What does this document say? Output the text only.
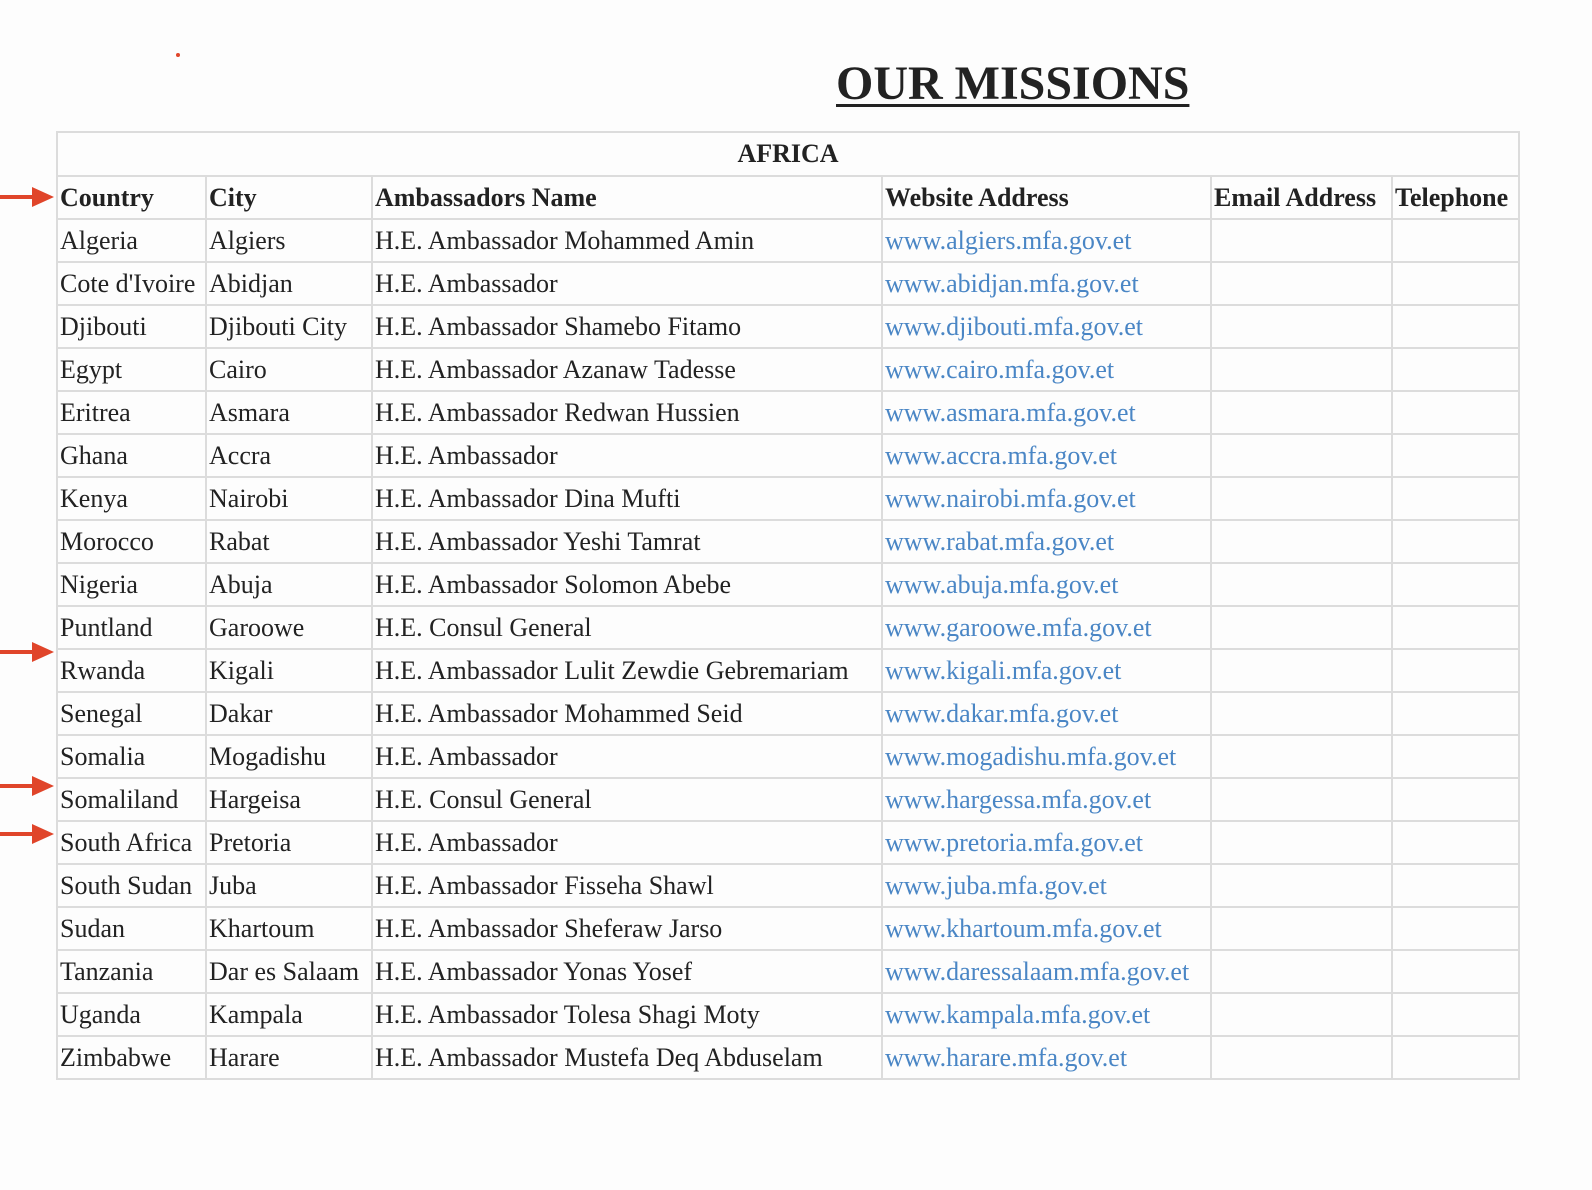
OUR MISSIONS
AFRICA					
Country	City	Ambassadors Name	Website Address	Email Address	Telephone
Algeria	Algiers	H.E. Ambassador Mohammed Amin	www.algiers.mfa.gov.et		
Cote d'Ivoire	Abidjan	H.E. Ambassador	www.abidjan.mfa.gov.et		
Djibouti	Djibouti City	H.E. Ambassador Shamebo Fitamo	www.djibouti.mfa.gov.et		
Egypt	Cairo	H.E. Ambassador Azanaw Tadesse	www.cairo.mfa.gov.et		
Eritrea	Asmara	H.E. Ambassador Redwan Hussien	www.asmara.mfa.gov.et		
Ghana	Accra	H.E. Ambassador	www.accra.mfa.gov.et		
Kenya	Nairobi	H.E. Ambassador Dina Mufti	www.nairobi.mfa.gov.et		
Morocco	Rabat	H.E. Ambassador Yeshi Tamrat	www.rabat.mfa.gov.et		
Nigeria	Abuja	H.E. Ambassador Solomon Abebe	www.abuja.mfa.gov.et		
Puntland	Garoowe	H.E. Consul General	www.garoowe.mfa.gov.et		
Rwanda	Kigali	H.E. Ambassador Lulit Zewdie Gebremariam	www.kigali.mfa.gov.et		
Senegal	Dakar	H.E. Ambassador Mohammed Seid	www.dakar.mfa.gov.et		
Somalia	Mogadishu	H.E. Ambassador	www.mogadishu.mfa.gov.et		
Somaliland	Hargeisa	H.E. Consul General	www.hargessa.mfa.gov.et		
South Africa	Pretoria	H.E. Ambassador	www.pretoria.mfa.gov.et		
South Sudan	Juba	H.E. Ambassador Fisseha Shawl	www.juba.mfa.gov.et		
Sudan	Khartoum	H.E. Ambassador Sheferaw Jarso	www.khartoum.mfa.gov.et		
Tanzania	Dar es Salaam	H.E. Ambassador Yonas Yosef	www.daressalaam.mfa.gov.et		
Uganda	Kampala	H.E. Ambassador Tolesa Shagi Moty	www.kampala.mfa.gov.et		
Zimbabwe	Harare	H.E. Ambassador Mustefa Deq Abduselam	www.harare.mfa.gov.et		
